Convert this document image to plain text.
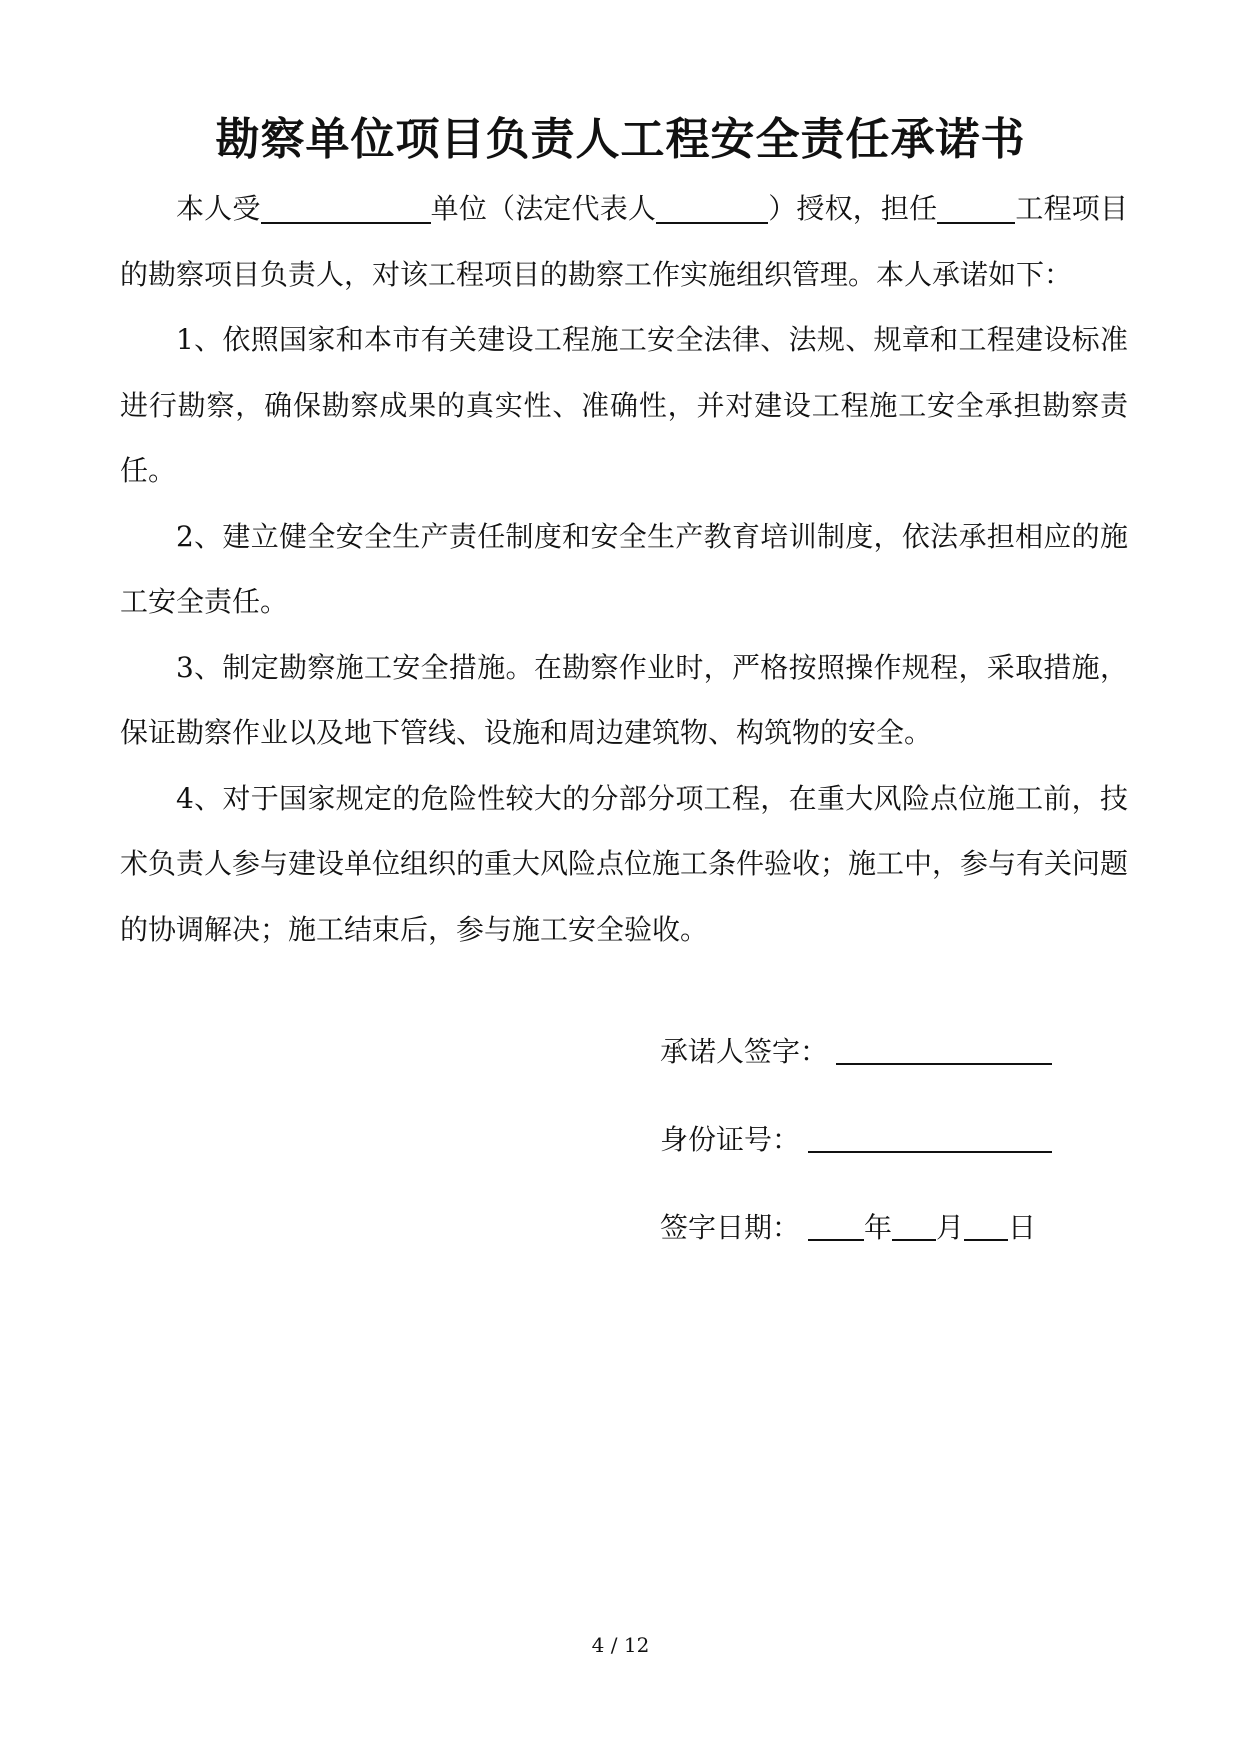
勘察单位项目负责人工程安全责任承诺书

本人受	单位（法定代表人	）授权，担任	工程项目的勘察项目负责人，对该工程项目的勘察工作实施组织管理。本人承诺如下：

1、依照国家和本市有关建设工程施工安全法律、法规、规章和工程建设标准进行勘察，确保勘察成果的真实性、准确性，并对建设工程施工安全承担勘察责任。

2、建立健全安全生产责任制度和安全生产教育培训制度，依法承担相应的施工安全责任。

3、制定勘察施工安全措施。在勘察作业时，严格按照操作规程，采取措施，保证勘察作业以及地下管线、设施和周边建筑物、构筑物的安全。

4、对于国家规定的危险性较大的分部分项工程，在重大风险点位施工前，技术负责人参与建设单位组织的重大风险点位施工条件验收；施工中，参与有关问题的协调解决；施工结束后，参与施工安全验收。

承诺人签字：
身份证号：
签字日期： 年 月 日
4 / 12
